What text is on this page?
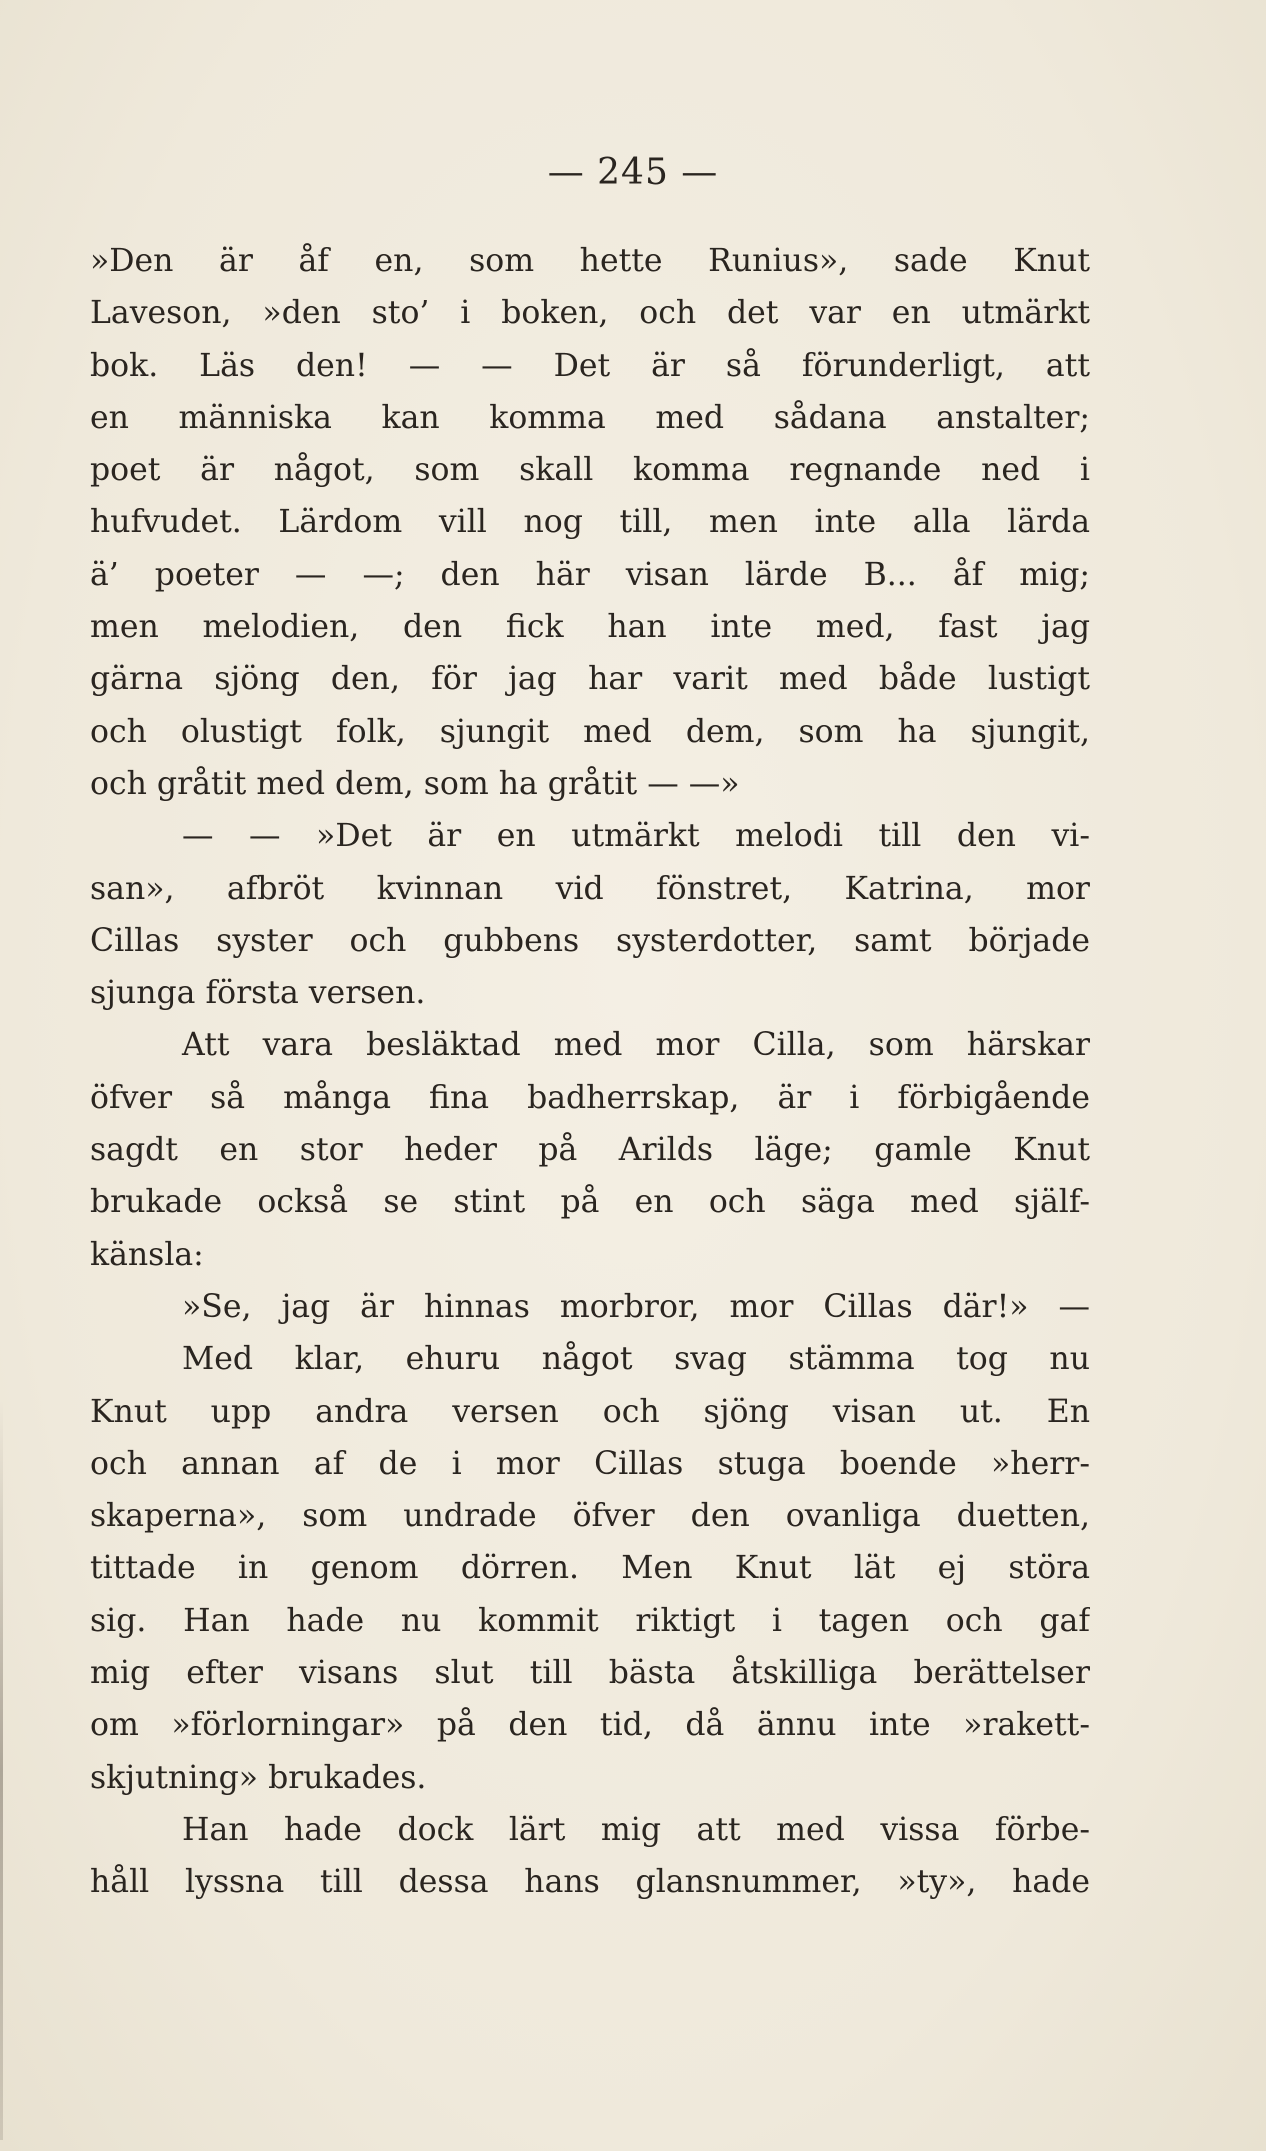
— 245 —
»Den är åf en, som hette Runius», sade Knut
Laveson, »den sto’ i boken, och det var en utmärkt
bok. Läs den! — — Det är så förunderligt, att
en människa kan komma med sådana anstalter;
poet är något, som skall komma regnande ned i
hufvudet. Lärdom vill nog till, men inte alla lärda
ä’ poeter — —; den här visan lärde B... åf mig;
men melodien, den fick han inte med, fast jag
gärna sjöng den, för jag har varit med både lustigt
och olustigt folk, sjungit med dem, som ha sjungit,
och gråtit med dem, som ha gråtit — —»
— — »Det är en utmärkt melodi till den vi-
san», afbröt kvinnan vid fönstret, Katrina, mor
Cillas syster och gubbens systerdotter, samt började
sjunga första versen.
Att vara besläktad med mor Cilla, som härskar
öfver så många fina badherrskap, är i förbigående
sagdt en stor heder på Arilds läge; gamle Knut
brukade också se stint på en och säga med själf-
känsla:
»Se, jag är hinnas morbror, mor Cillas där!» —
Med klar, ehuru något svag stämma tog nu
Knut upp andra versen och sjöng visan ut. En
och annan af de i mor Cillas stuga boende »herr-
skaperna», som undrade öfver den ovanliga duetten,
tittade in genom dörren. Men Knut lät ej störa
sig. Han hade nu kommit riktigt i tagen och gaf
mig efter visans slut till bästa åtskilliga berättelser
om »förlorningar» på den tid, då ännu inte »rakett-
skjutning» brukades.
Han hade dock lärt mig att med vissa förbe-
håll lyssna till dessa hans glansnummer, »ty», hade
